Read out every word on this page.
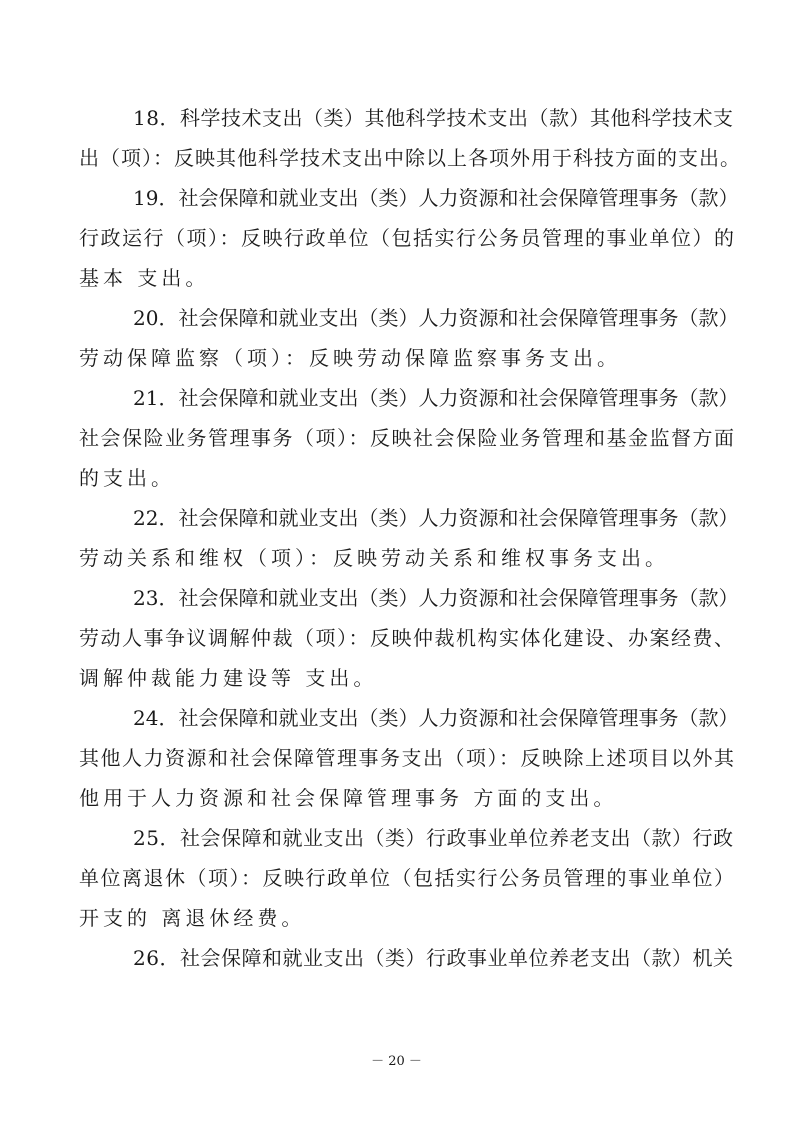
18．科学技术支出（类）其他科学技术支出（款）其他科学技术支
出（项）：反映其他科学技术支出中除以上各项外用于科技方面的支出。
19．社会保障和就业支出（类）人力资源和社会保障管理事务（款）
行政运行（项）：反映行政单位（包括实行公务员管理的事业单位）的
基本 支出。
20．社会保障和就业支出（类）人力资源和社会保障管理事务（款）
劳动保障监察（项）：反映劳动保障监察事务支出。
21．社会保障和就业支出（类）人力资源和社会保障管理事务（款）
社会保险业务管理事务（项）：反映社会保险业务管理和基金监督方面
的支出。
22．社会保障和就业支出（类）人力资源和社会保障管理事务（款）
劳动关系和维权（项）：反映劳动关系和维权事务支出。
23．社会保障和就业支出（类）人力资源和社会保障管理事务（款）
劳动人事争议调解仲裁（项）：反映仲裁机构实体化建设、办案经费、
调解仲裁能力建设等 支出。
24．社会保障和就业支出（类）人力资源和社会保障管理事务（款）
其他人力资源和社会保障管理事务支出（项）：反映除上述项目以外其
他用于人力资源和社会保障管理事务 方面的支出。
25．社会保障和就业支出（类）行政事业单位养老支出（款）行政
单位离退休（项）：反映行政单位（包括实行公务员管理的事业单位）
开支的 离退休经费。
26．社会保障和就业支出（类）行政事业单位养老支出（款）机关
－ 20 －
